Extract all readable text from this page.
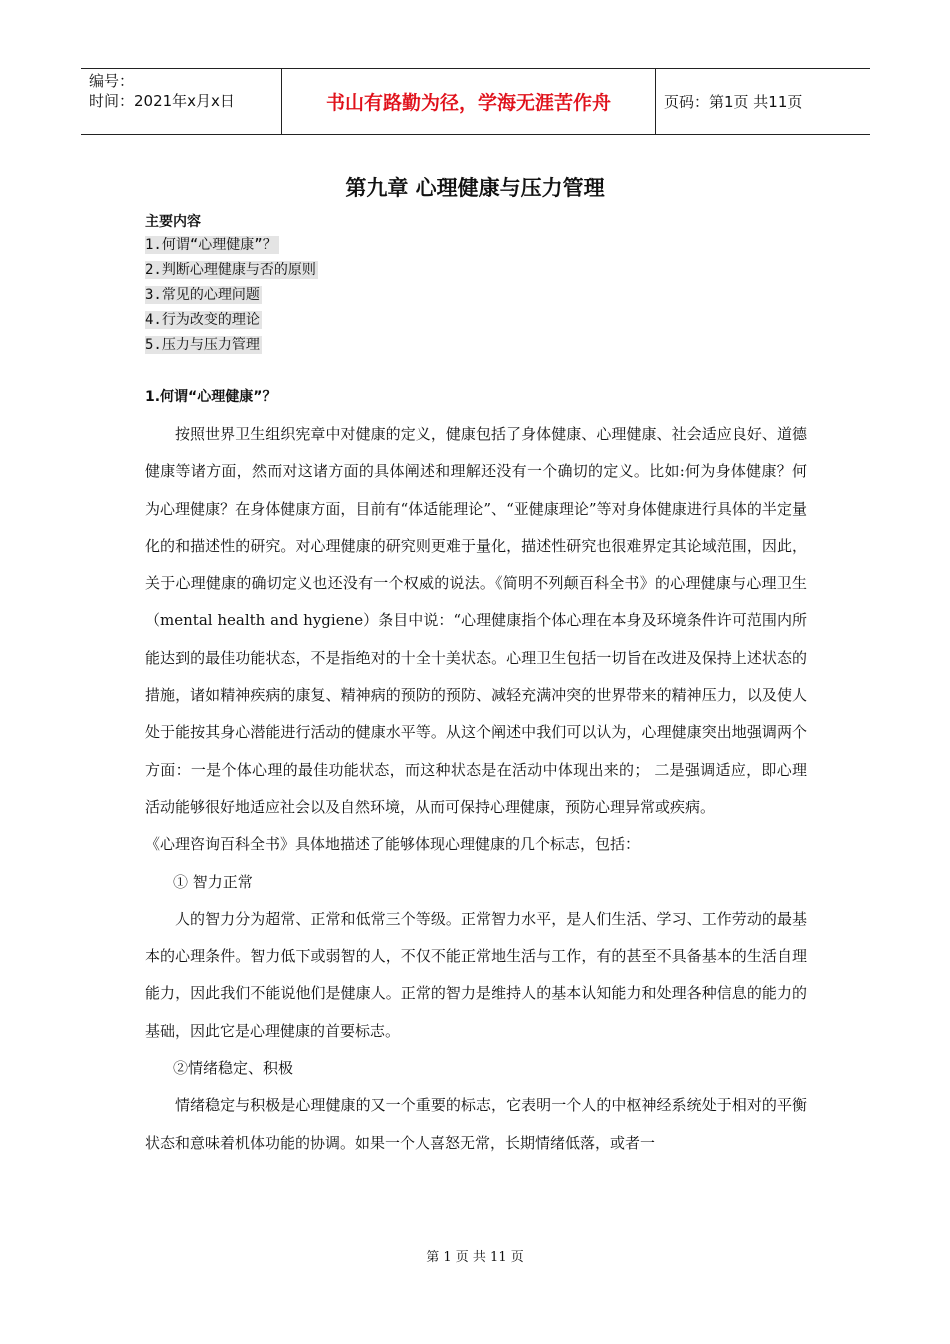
编号：
时间：2021年x月x日	书山有路勤为径，学海无涯苦作舟	页码：第1页 共11页
第九章 心理健康与压力管理
主要内容
1.何谓“心理健康”？
2.判断心理健康与否的原则
3.常见的心理问题
4.行为改变的理论
5.压力与压力管理
1.何谓“心理健康”？

按照世界卫生组织宪章中对健康的定义，健康包括了身体健康、心理健康、社会适应良好、道德健康等诸方面，然而对这诸方面的具体阐述和理解还没有一个确切的定义。比如:何为身体健康？何为心理健康？在身体健康方面，目前有“体适能理论”、“亚健康理论”等对身体健康进行具体的半定量化的和描述性的研究。对心理健康的研究则更难于量化，描述性研究也很难界定其论域范围，因此，关于心理健康的确切定义也还没有一个权威的说法。《简明不列颠百科全书》的心理健康与心理卫生（mental health and hygiene）条目中说：“心理健康指个体心理在本身及环境条件许可范围内所能达到的最佳功能状态，不是指绝对的十全十美状态。心理卫生包括一切旨在改进及保持上述状态的措施，诸如精神疾病的康复、精神病的预防的预防、减轻充满冲突的世界带来的精神压力，以及使人处于能按其身心潜能进行活动的健康水平等。从这个阐述中我们可以认为，心理健康突出地强调两个方面：一是个体心理的最佳功能状态，而这种状态是在活动中体现出来的； 二是强调适应，即心理活动能够很好地适应社会以及自然环境，从而可保持心理健康，预防心理异常或疾病。

《心理咨询百科全书》具体地描述了能够体现心理健康的几个标志，包括：

① 智力正常

人的智力分为超常、正常和低常三个等级。正常智力水平，是人们生活、学习、工作劳动的最基本的心理条件。智力低下或弱智的人，不仅不能正常地生活与工作，有的甚至不具备基本的生活自理能力，因此我们不能说他们是健康人。正常的智力是维持人的基本认知能力和处理各种信息的能力的基础，因此它是心理健康的首要标志。

②情绪稳定、积极

情绪稳定与积极是心理健康的又一个重要的标志，它表明一个人的中枢神经系统处于相对的平衡状态和意味着机体功能的协调。如果一个人喜怒无常，长期情绪低落，或者一

第 1 页 共 11 页
